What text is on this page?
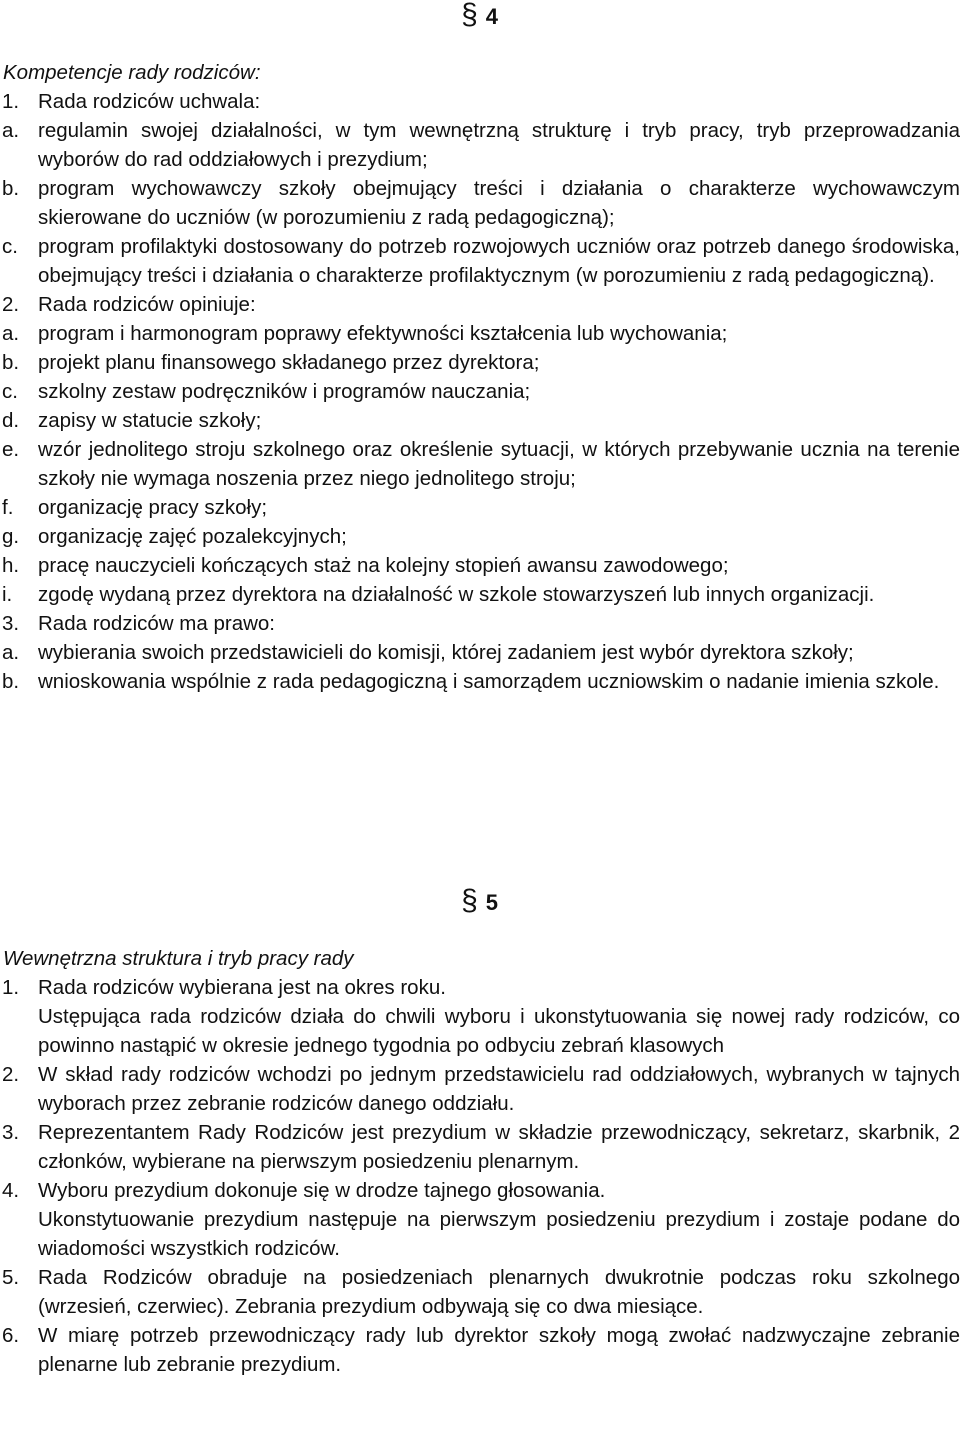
§ 4
Kompetencje rady rodziców:
1. Rada rodziców uchwala:
a. regulamin swojej działalności, w tym wewnętrzną strukturę i tryb pracy, tryb przeprowadzania wyborów do rad oddziałowych i prezydium;
b. program wychowawczy szkoły obejmujący treści i działania o charakterze wychowawczym skierowane do uczniów (w porozumieniu z radą pedagogiczną);
c. program profilaktyki dostosowany do potrzeb rozwojowych uczniów oraz potrzeb danego środowiska, obejmujący treści i działania o charakterze profilaktycznym (w porozumieniu z radą pedagogiczną).
2. Rada rodziców opiniuje:
a. program i harmonogram poprawy efektywności kształcenia lub wychowania;
b. projekt planu finansowego składanego przez dyrektora;
c. szkolny zestaw podręczników i programów nauczania;
d. zapisy w statucie szkoły;
e. wzór jednolitego stroju szkolnego oraz określenie sytuacji, w których przebywanie ucznia na terenie szkoły nie wymaga noszenia przez niego jednolitego stroju;
f. organizację pracy szkoły;
g. organizację zajęć pozalekcyjnych;
h. pracę nauczycieli kończących staż na kolejny stopień awansu zawodowego;
i. zgodę wydaną przez dyrektora na działalność w szkole stowarzyszeń lub innych organizacji.
3. Rada rodziców ma prawo:
a. wybierania swoich przedstawicieli do komisji, której zadaniem jest wybór dyrektora szkoły;
b. wnioskowania wspólnie z rada pedagogiczną i samorządem uczniowskim o nadanie imienia szkole.
§ 5
Wewnętrzna struktura i tryb pracy rady
1. Rada rodziców wybierana jest na okres roku.
Ustępująca rada rodziców działa do chwili wyboru i ukonstytuowania się nowej rady rodziców, co powinno nastąpić w okresie jednego tygodnia po odbyciu zebrań klasowych
2. W skład rady rodziców wchodzi po jednym przedstawicielu rad oddziałowych, wybranych w tajnych wyborach przez zebranie rodziców danego oddziału.
3. Reprezentantem Rady Rodziców jest prezydium w składzie przewodniczący, sekretarz, skarbnik, 2 członków, wybierane na pierwszym posiedzeniu plenarnym.
4. Wyboru prezydium dokonuje się w drodze tajnego głosowania.
Ukonstytuowanie prezydium następuje na pierwszym posiedzeniu prezydium i zostaje podane do wiadomości wszystkich rodziców.
5. Rada Rodziców obraduje na posiedzeniach plenarnych dwukrotnie podczas roku szkolnego (wrzesień, czerwiec). Zebrania prezydium odbywają się co dwa miesiące.
6. W miarę potrzeb przewodniczący rady lub dyrektor szkoły mogą zwołać nadzwyczajne zebranie plenarne lub zebranie prezydium.
